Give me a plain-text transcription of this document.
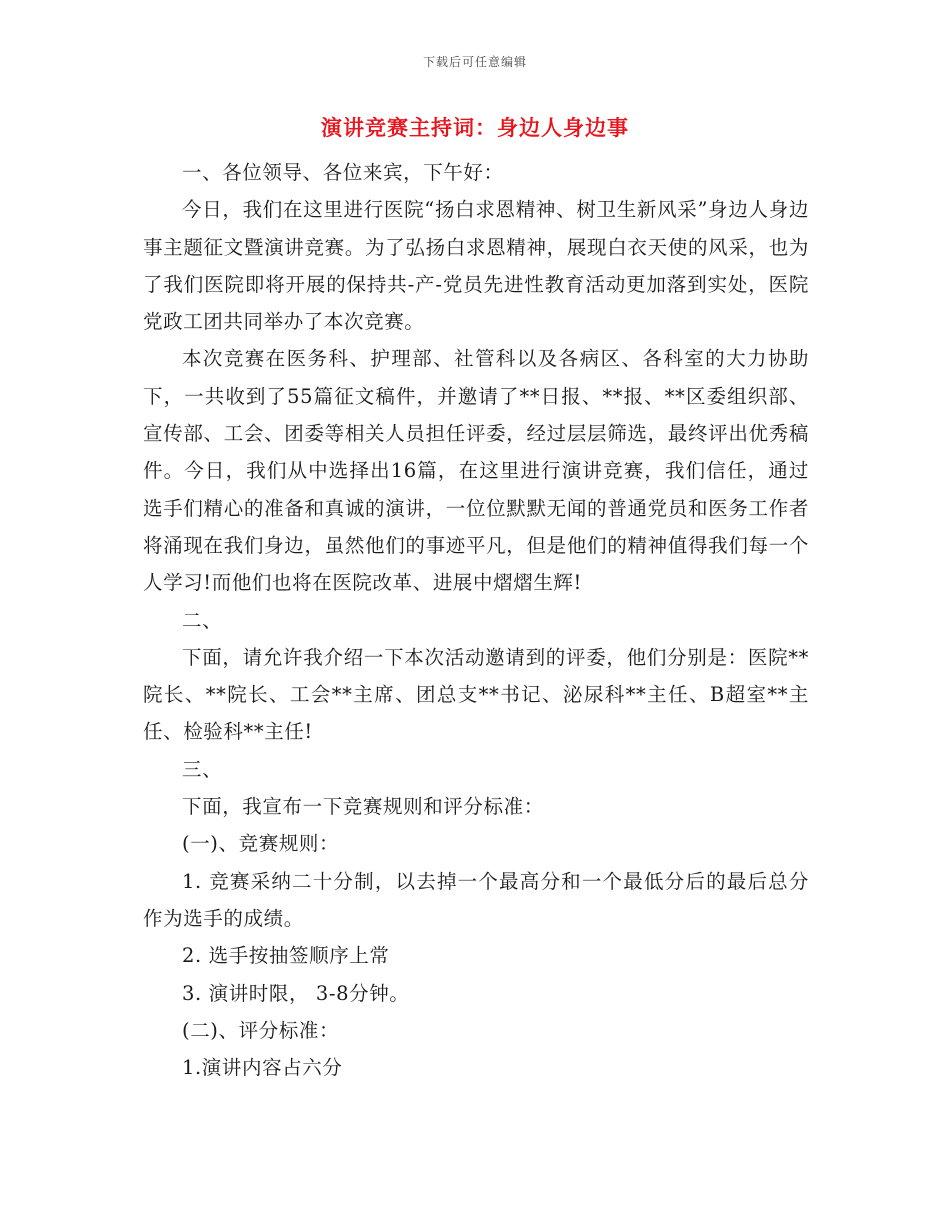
下载后可任意编辑
演讲竞赛主持词：身边人身边事

一、各位领导、各位来宾，下午好：

今日，我们在这里进行医院“扬白求恩精神、树卫生新风采”身边人身边事主题征文暨演讲竞赛。为了弘扬白求恩精神，展现白衣天使的风采，也为了我们医院即将开展的保持共-产-党员先进性教育活动更加落到实处，医院党政工团共同举办了本次竞赛。

本次竞赛在医务科、护理部、社管科以及各病区、各科室的大力协助下，一共收到了55篇征文稿件，并邀请了**日报、**报、**区委组织部、宣传部、工会、团委等相关人员担任评委，经过层层筛选，最终评出优秀稿件。今日，我们从中选择出16篇，在这里进行演讲竞赛，我们信任，通过选手们精心的准备和真诚的演讲，一位位默默无闻的普通党员和医务工作者将涌现在我们身边，虽然他们的事迹平凡，但是他们的精神值得我们每一个人学习!而他们也将在医院改革、进展中熠熠生辉!

二、

下面，请允许我介绍一下本次活动邀请到的评委，他们分别是：医院**院长、**院长、工会**主席、团总支**书记、泌尿科**主任、B超室**主任、检验科**主任!

三、

下面，我宣布一下竞赛规则和评分标准：

(一)、竞赛规则：

1. 竞赛采纳二十分制，以去掉一个最高分和一个最低分后的最后总分作为选手的成绩。

2. 选手按抽签顺序上常

3. 演讲时限， 3-8分钟。

(二)、评分标准：

1.演讲内容占六分
